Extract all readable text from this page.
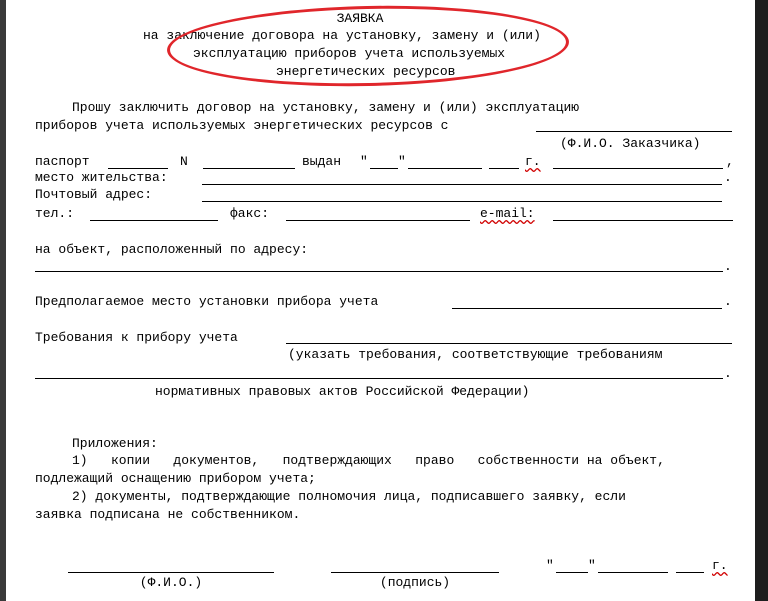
ЗАЯВКА
на заключение договора на установку, замену и (или)
эксплуатацию приборов учета используемых
энергетических ресурсов
Прошу заключить договор на установку, замену и (или) эксплуатацию
приборов учета используемых энергетических ресурсов с
(Ф.И.О. Заказчика)
паспорт	N	выдан " "	г.	,
место жительства:	.
Почтовый адрес:
тел.:	факс:	e-mail:
на объект, расположенный по адресу:
.
Предполагаемое место установки прибора учета	.
Требования к прибору учета
(указать требования, соответствующие требованиям
.
нормативных правовых актов Российской Федерации)
Приложения:
1)   копии   документов,   подтверждающих   право   собственности на объект,
подлежащий оснащению прибором учета;
2) документы, подтверждающие полномочия лица, подписавшего заявку, если
заявка подписана не собственником.
(Ф.И.О.)	(подпись)
"	"	г.
